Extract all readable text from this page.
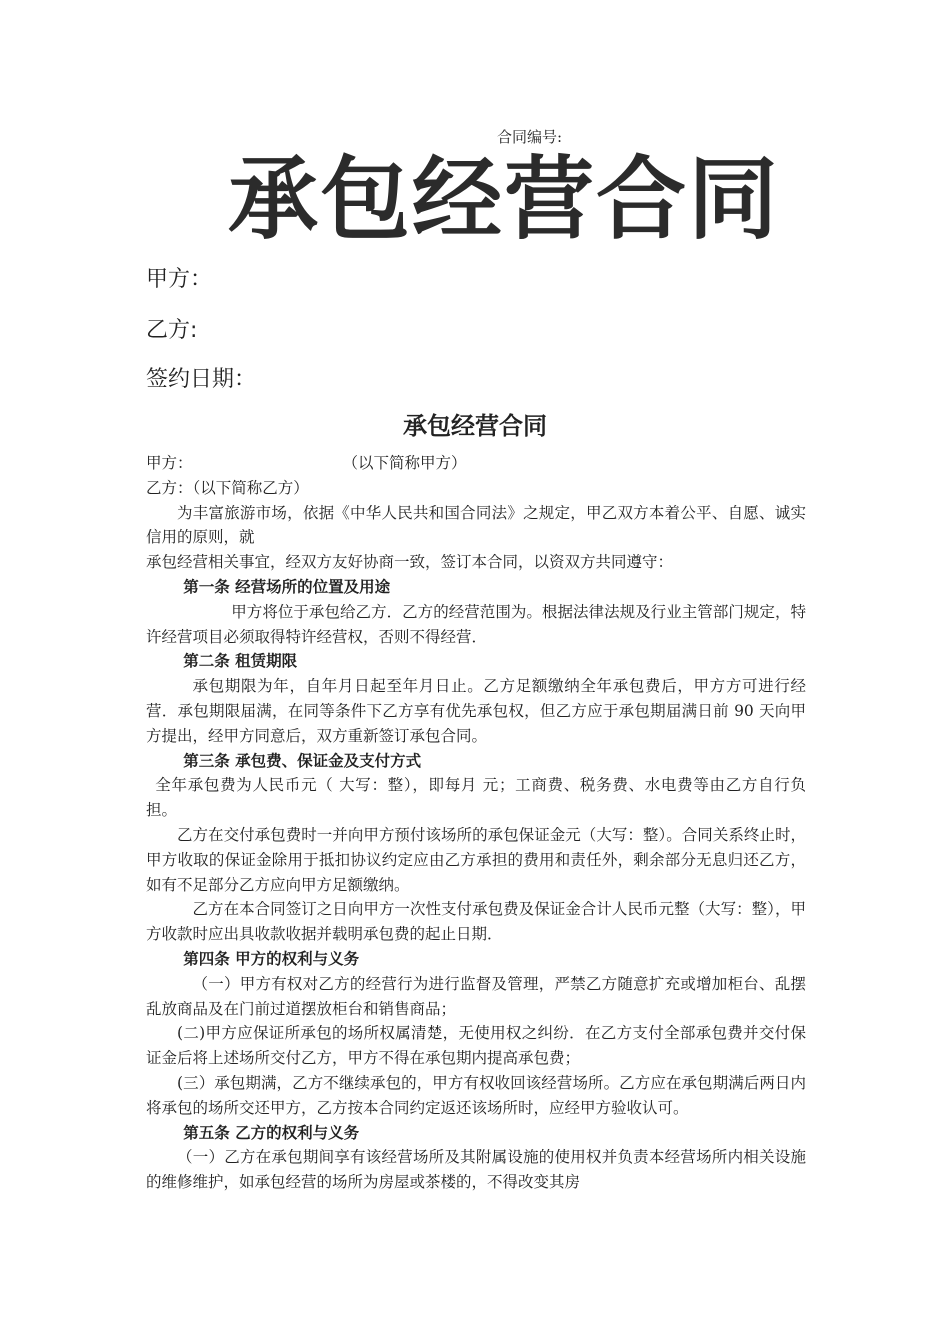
合同编号:
承包经营合同
甲方：
乙方:
签约日期：
承包经营合同

甲方：	（以下简称甲方）

乙方：（以下简称乙方）

为丰富旅游市场，依据《中华人民共和国合同法》之规定，甲乙双方本着公平、自愿、诚实信用的原则，就

承包经营相关事宜，经双方友好协商一致，签订本合同，以资双方共同遵守：

第一条 经营场所的位置及用途

甲方将位于承包给乙方．乙方的经营范围为。根据法律法规及行业主管部门规定，特许经营项目必须取得特许经营权，否则不得经营．

第二条 租赁期限

承包期限为年，自年月日起至年月日止。乙方足额缴纳全年承包费后，甲方方可进行经营．承包期限届满，在同等条件下乙方享有优先承包权，但乙方应于承包期届满日前 90 天向甲方提出，经甲方同意后，双方重新签订承包合同。

第三条 承包费、保证金及支付方式

全年承包费为人民币元（ 大写：整），即每月 元；工商费、税务费、水电费等由乙方自行负担。

乙方在交付承包费时一并向甲方预付该场所的承包保证金元（大写：整）。合同关系终止时，甲方收取的保证金除用于抵扣协议约定应由乙方承担的费用和责任外，剩余部分无息归还乙方，如有不足部分乙方应向甲方足额缴纳。

乙方在本合同签订之日向甲方一次性支付承包费及保证金合计人民币元整（大写：整），甲方收款时应出具收款收据并载明承包费的起止日期．

第四条 甲方的权利与义务

（一）甲方有权对乙方的经营行为进行监督及管理，严禁乙方随意扩充或增加柜台、乱摆乱放商品及在门前过道摆放柜台和销售商品；

(二)甲方应保证所承包的场所权属清楚，无使用权之纠纷．在乙方支付全部承包费并交付保证金后将上述场所交付乙方，甲方不得在承包期内提高承包费；

(三）承包期满，乙方不继续承包的，甲方有权收回该经营场所。乙方应在承包期满后两日内将承包的场所交还甲方，乙方按本合同约定返还该场所时，应经甲方验收认可。

第五条 乙方的权利与义务

（一）乙方在承包期间享有该经营场所及其附属设施的使用权并负责本经营场所内相关设施的维修维护，如承包经营的场所为房屋或茶楼的，不得改变其房
